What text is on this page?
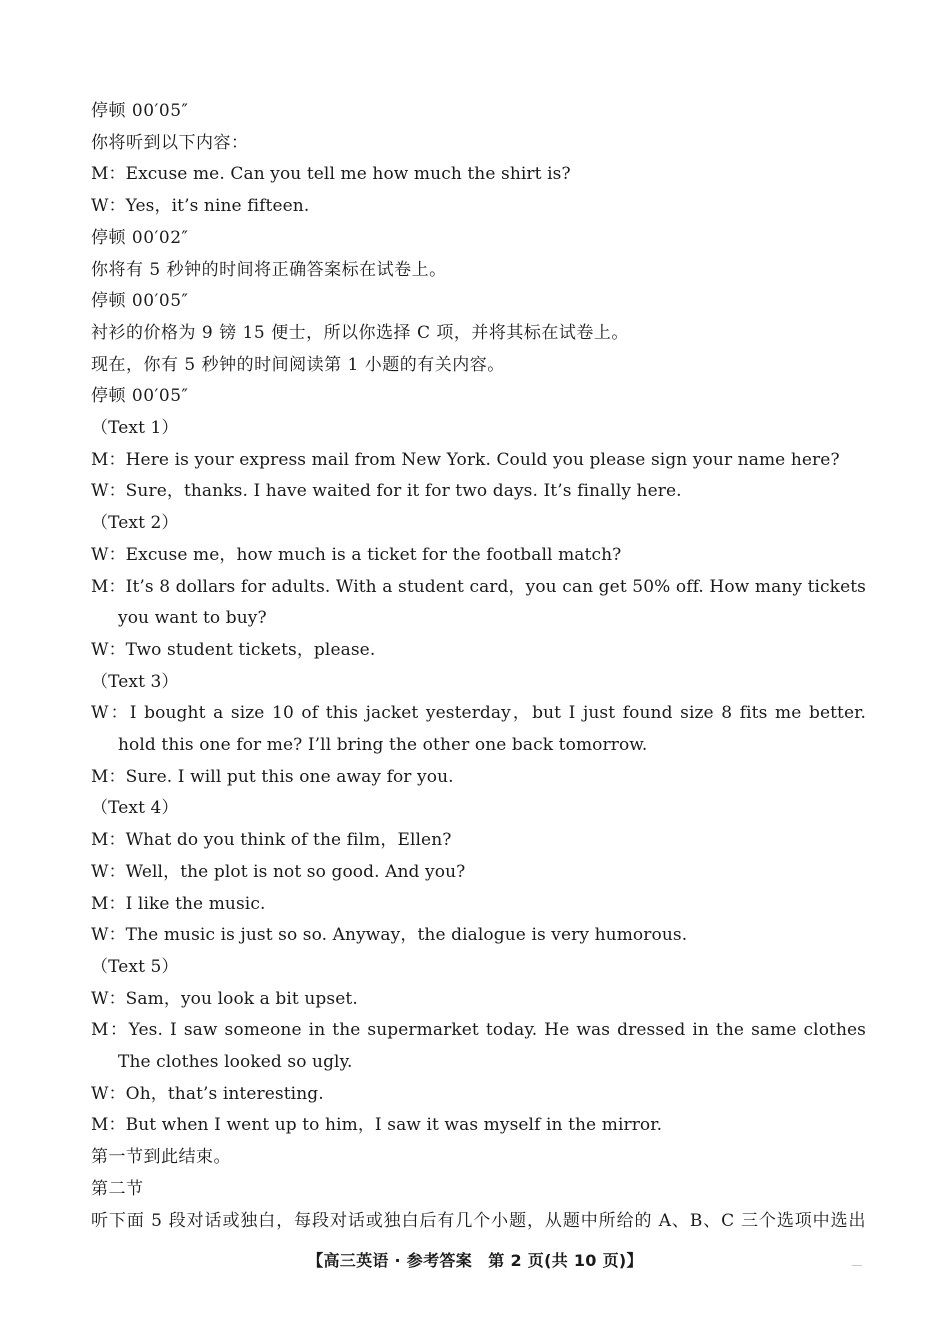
停顿 00′05″
你将听到以下内容：
M：Excuse me. Can you tell me how much the shirt is?
W：Yes，it’s nine fifteen.
停顿 00′02″
你将有 5 秒钟的时间将正确答案标在试卷上。
停顿 00′05″
衬衫的价格为 9 镑 15 便士，所以你选择 C 项，并将其标在试卷上。
现在，你有 5 秒钟的时间阅读第 1 小题的有关内容。
停顿 00′05″
（Text 1）
M：Here is your express mail from New York. Could you please sign your name here?
W：Sure，thanks. I have waited for it for two days. It’s finally here.
（Text 2）
W：Excuse me，how much is a ticket for the football match?
M：It’s 8 dollars for adults. With a student card，you can get 50% off. How many tickets
you want to buy?
W：Two student tickets，please.
（Text 3）
W：I bought a size 10 of this jacket yesterday，but I just found size 8 fits me better.
hold this one for me? I’ll bring the other one back tomorrow.
M：Sure. I will put this one away for you.
（Text 4）
M：What do you think of the film，Ellen?
W：Well，the plot is not so good. And you?
M：I like the music.
W：The music is just so so. Anyway，the dialogue is very humorous.
（Text 5）
W：Sam，you look a bit upset.
M：Yes. I saw someone in the supermarket today. He was dressed in the same clothes
The clothes looked so ugly.
W：Oh，that’s interesting.
M：But when I went up to him，I saw it was myself in the mirror.
第一节到此结束。
第二节
听下面 5 段对话或独白，每段对话或独白后有几个小题，从题中所给的 A、B、C 三个选项中选出
【高三英语 · 参考答案　第 2 页(共 10 页)】
